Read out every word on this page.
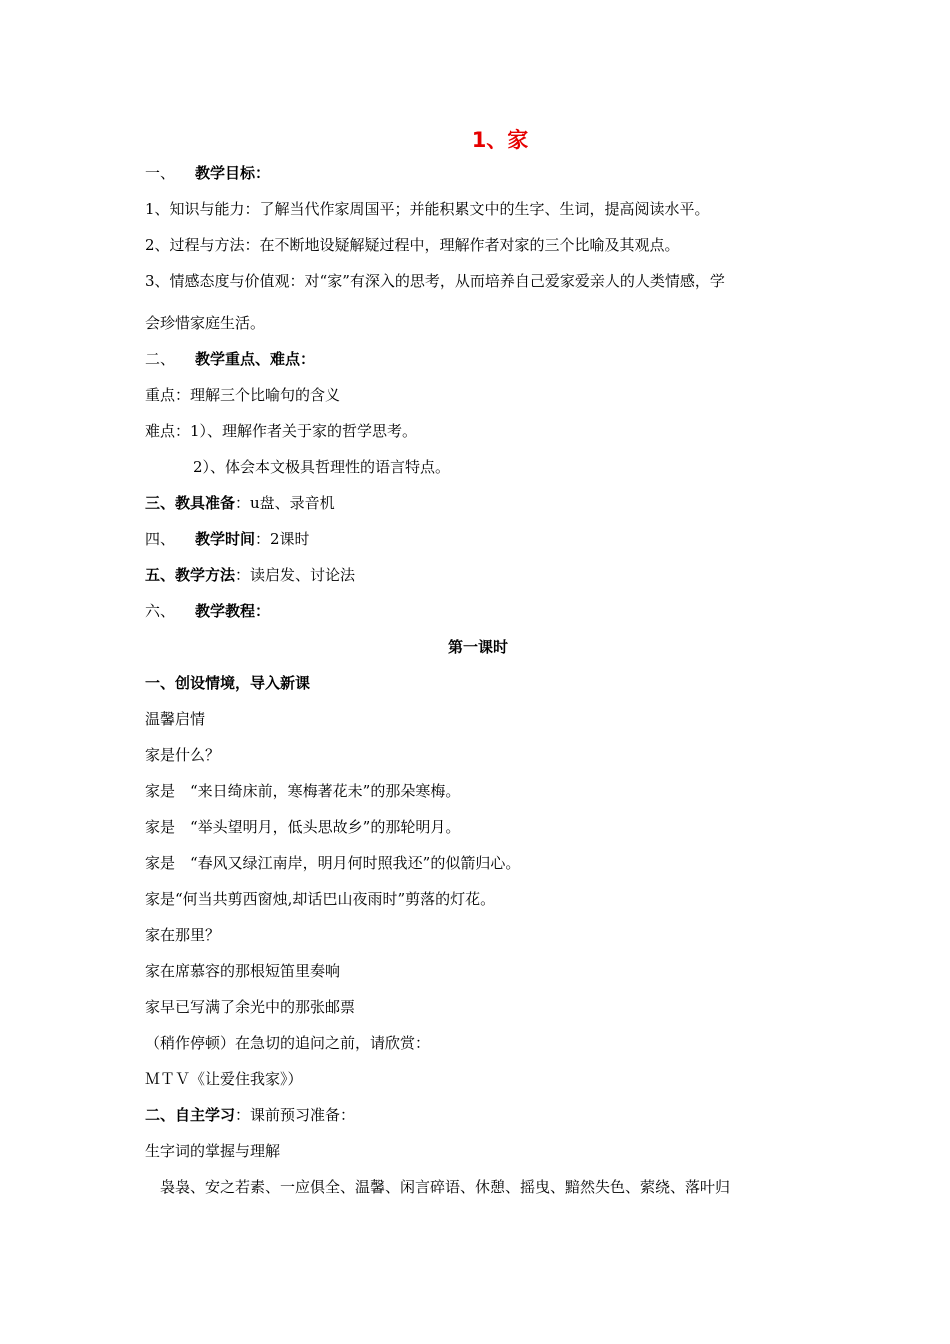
1、家
一、 教学目标：
1、知识与能力：了解当代作家周国平；并能积累文中的生字、生词，提高阅读水平。
2、过程与方法：在不断地设疑解疑过程中，理解作者对家的三个比喻及其观点。
3、情感态度与价值观：对“家”有深入的思考，从而培养自己爱家爱亲人的人类情感，学
会珍惜家庭生活。
二、 教学重点、难点：
重点：理解三个比喻句的含义
难点：1）、理解作者关于家的哲学思考。
2）、体会本文极具哲理性的语言特点。
三、教具准备：u盘、录音机
四、 教学时间：2课时
五、教学方法：读启发、讨论法
六、 教学教程：
第一课时
一、创设情境，导入新课
温馨启情
家是什么？
家是　“来日绮床前，寒梅著花未”的那朵寒梅。
家是　“举头望明月，低头思故乡”的那轮明月。
家是　“春风又绿江南岸，明月何时照我还”的似箭归心。
家是“何当共剪西窗烛,却话巴山夜雨时”剪落的灯花。
家在那里？
家在席慕容的那根短笛里奏响
家早已写满了余光中的那张邮票
（稍作停顿）在急切的追问之前，请欣赏：
ＭＴＶ《让爱住我家》）
二、自主学习：课前预习准备：
生字词的掌握与理解
　袅袅、安之若素、一应俱全、温馨、闲言碎语、休憩、摇曳、黯然失色、萦绕、落叶归
